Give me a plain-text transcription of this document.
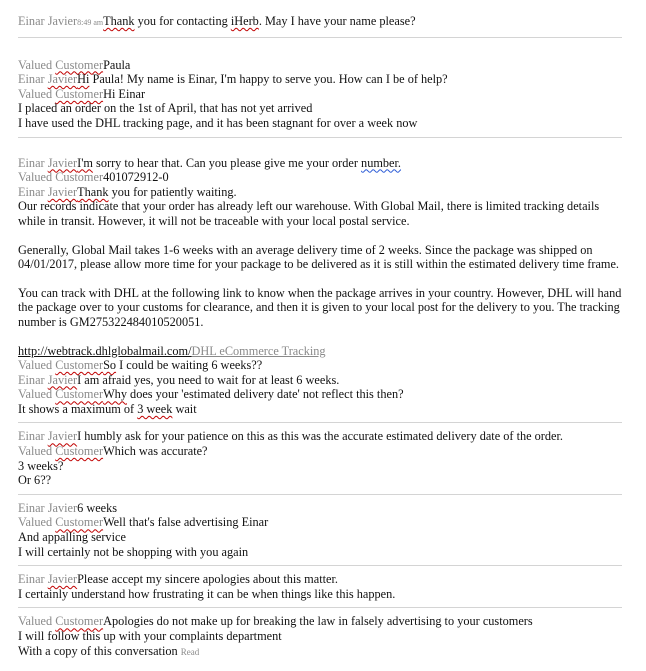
Einar Javier8:49 amThank you for contacting iHerb. May I have your name please?
Valued CustomerPaula
Einar JavierHi Paula! My name is Einar, I'm happy to serve you. How can I be of help?
Valued CustomerHi Einar
I placed an order on the 1st of April, that has not yet arrived
I have used the DHL tracking page, and it has been stagnant for over a week now
Einar JavierI'm sorry to hear that. Can you please give me your order number.
Valued Customer401072912-0
Einar JavierThank you for patiently waiting.
Our records indicate that your order has already left our warehouse. With Global Mail, there is limited tracking details while in transit. However, it will not be traceable with your local postal service.
Generally, Global Mail takes 1-6 weeks with an average delivery time of 2 weeks. Since the package was shipped on 04/01/2017, please allow more time for your package to be delivered as it is still within the estimated delivery time frame.
You can track with DHL at the following link to know when the package arrives in your country. However, DHL will hand the package over to your customs for clearance, and then it is given to your local post for the delivery to you. The tracking number is GM275322484010520051.
http://webtrack.dhlglobalmail.com/DHL eCommerce Tracking
Valued CustomerSo I could be waiting 6 weeks??
Einar JavierI am afraid yes, you need to wait for at least 6 weeks.
Valued CustomerWhy does your 'estimated delivery date' not reflect this then?
It shows a maximum of 3 week wait
Einar JavierI humbly ask for your patience on this as this was the accurate estimated delivery date of the order.
Valued CustomerWhich was accurate?
3 weeks?
Or 6??
Einar Javier6 weeks
Valued CustomerWell that's false advertising Einar
And appalling service
I will certainly not be shopping with you again
Einar JavierPlease accept my sincere apologies about this matter.
I certainly understand how frustrating it can be when things like this happen.
Valued CustomerApologies do not make up for breaking the law in falsely advertising to your customers
I will follow this up with your complaints department
With a copy of this conversation Read
